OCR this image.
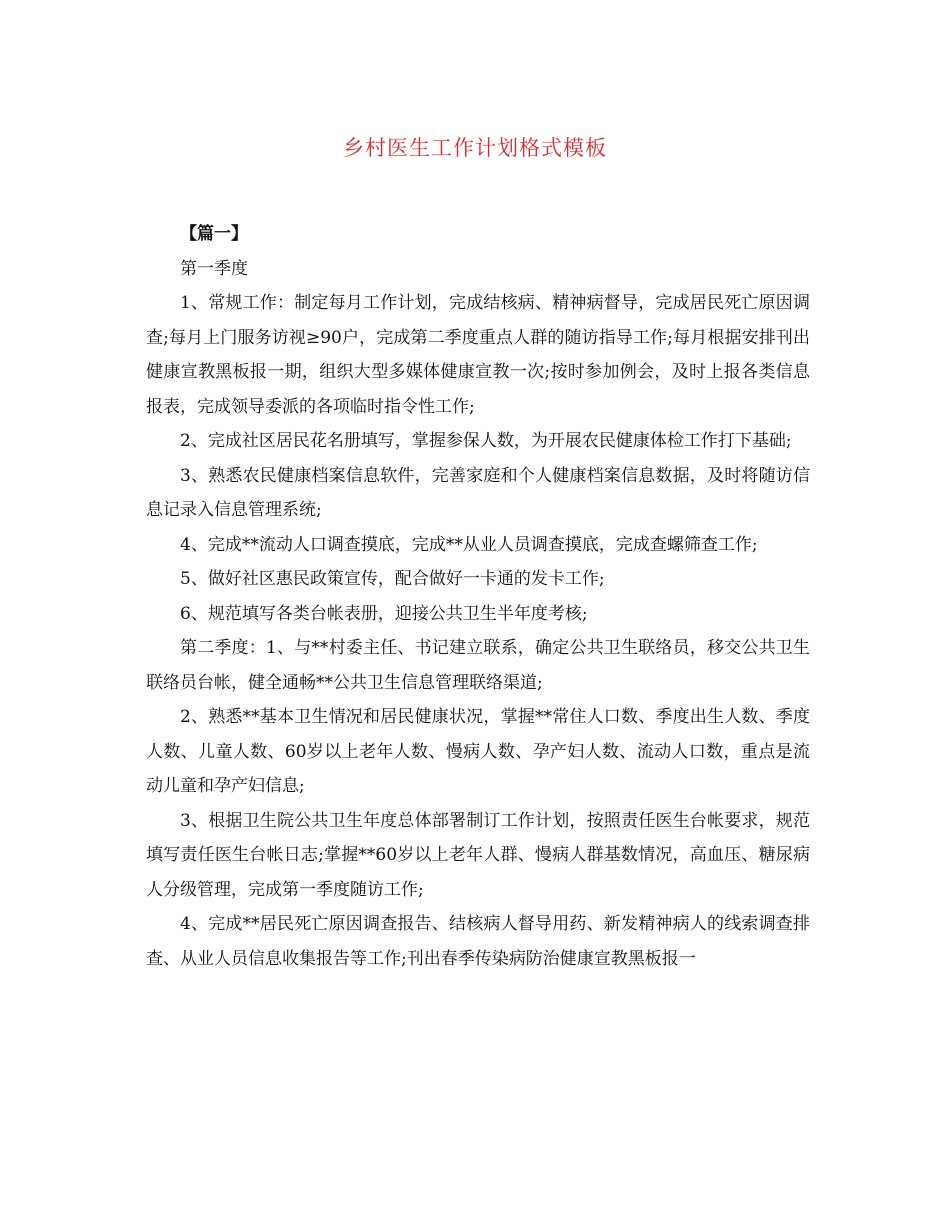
乡村医生工作计划格式模板

【篇一】

第一季度

1、常规工作：制定每月工作计划，完成结核病、精神病督导，完成居民死亡原因调查;每月上门服务访视≥90户，完成第二季度重点人群的随访指导工作;每月根据安排刊出健康宣教黑板报一期，组织大型多媒体健康宣教一次;按时参加例会，及时上报各类信息报表，完成领导委派的各项临时指令性工作;

2、完成社区居民花名册填写，掌握参保人数，为开展农民健康体检工作打下基础;

3、熟悉农民健康档案信息软件，完善家庭和个人健康档案信息数据，及时将随访信息记录入信息管理系统;

4、完成**流动人口调查摸底，完成**从业人员调查摸底，完成查螺筛查工作;

5、做好社区惠民政策宣传，配合做好一卡通的发卡工作;

6、规范填写各类台帐表册，迎接公共卫生半年度考核;

第二季度：1、与**村委主任、书记建立联系，确定公共卫生联络员，移交公共卫生联络员台帐，健全通畅**公共卫生信息管理联络渠道;

2、熟悉**基本卫生情况和居民健康状况，掌握**常住人口数、季度出生人数、季度人数、儿童人数、60岁以上老年人数、慢病人数、孕产妇人数、流动人口数，重点是流动儿童和孕产妇信息;

3、根据卫生院公共卫生年度总体部署制订工作计划，按照责任医生台帐要求，规范填写责任医生台帐日志;掌握**60岁以上老年人群、慢病人群基数情况，高血压、糖尿病人分级管理，完成第一季度随访工作;

4、完成**居民死亡原因调查报告、结核病人督导用药、新发精神病人的线索调查排查、从业人员信息收集报告等工作;刊出春季传染病防治健康宣教黑板报一
